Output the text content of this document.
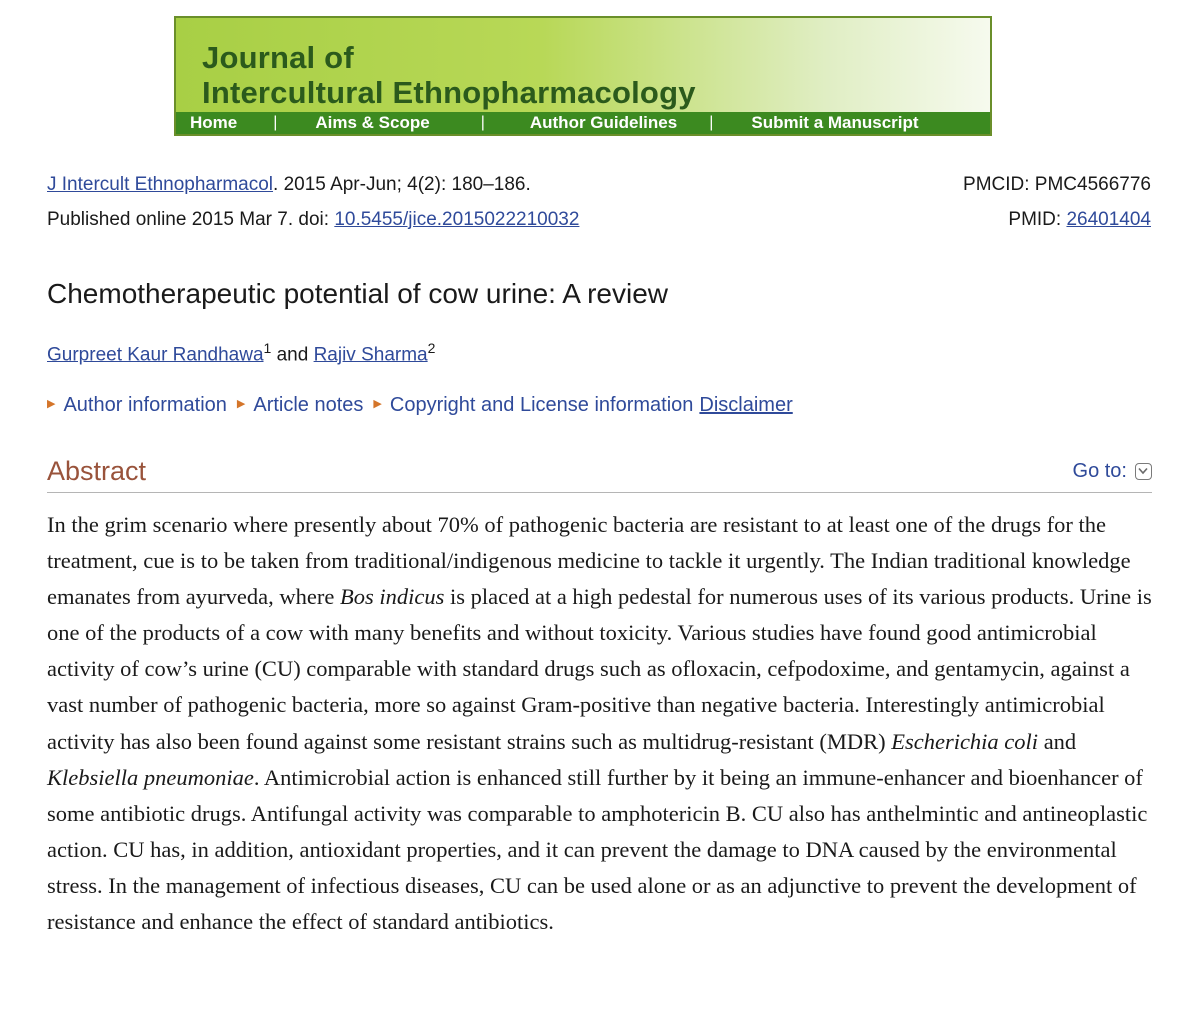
Journal of
Intercultural Ethnopharmacology
Home | Aims & Scope	|	Author Guidelines | Submit a Manuscript
J Intercult Ethnopharmacol. 2015 Apr-Jun; 4(2): 180–186.
Published online 2015 Mar 7. doi: 10.5455/jice.2015022210032
PMCID: PMC4566776
PMID: 26401404
Chemotherapeutic potential of cow urine: A review
Gurpreet Kaur Randhawa$^1$ and Rajiv Sharma$^2$
▶ Author information ▶ Article notes ▶ Copyright and License information Disclaimer
Abstract	Go to:

In the grim scenario where presently about 70% of pathogenic bacteria are resistant to at least one of the drugs for the treatment, cue is to be taken from traditional/indigenous medicine to tackle it urgently. The Indian traditional knowledge emanates from ayurveda, where Bos indicus is placed at a high pedestal for numerous uses of its various products. Urine is one of the products of a cow with many benefits and without toxicity. Various studies have found good antimicrobial activity of cow’s urine (CU) comparable with standard drugs such as ofloxacin, cefpodoxime, and gentamycin, against a vast number of pathogenic bacteria, more so against Gram-positive than negative bacteria. Interestingly antimicrobial activity has also been found against some resistant strains such as multidrug-resistant (MDR) Escherichia coli and Klebsiella pneumoniae. Antimicrobial action is enhanced still further by it being an immune-enhancer and bioenhancer of some antibiotic drugs. Antifungal activity was comparable to amphotericin B. CU also has anthelmintic and antineoplastic action. CU has, in addition, antioxidant properties, and it can prevent the damage to DNA caused by the environmental stress. In the management of infectious diseases, CU can be used alone or as an adjunctive to prevent the development of resistance and enhance the effect of standard antibiotics.
